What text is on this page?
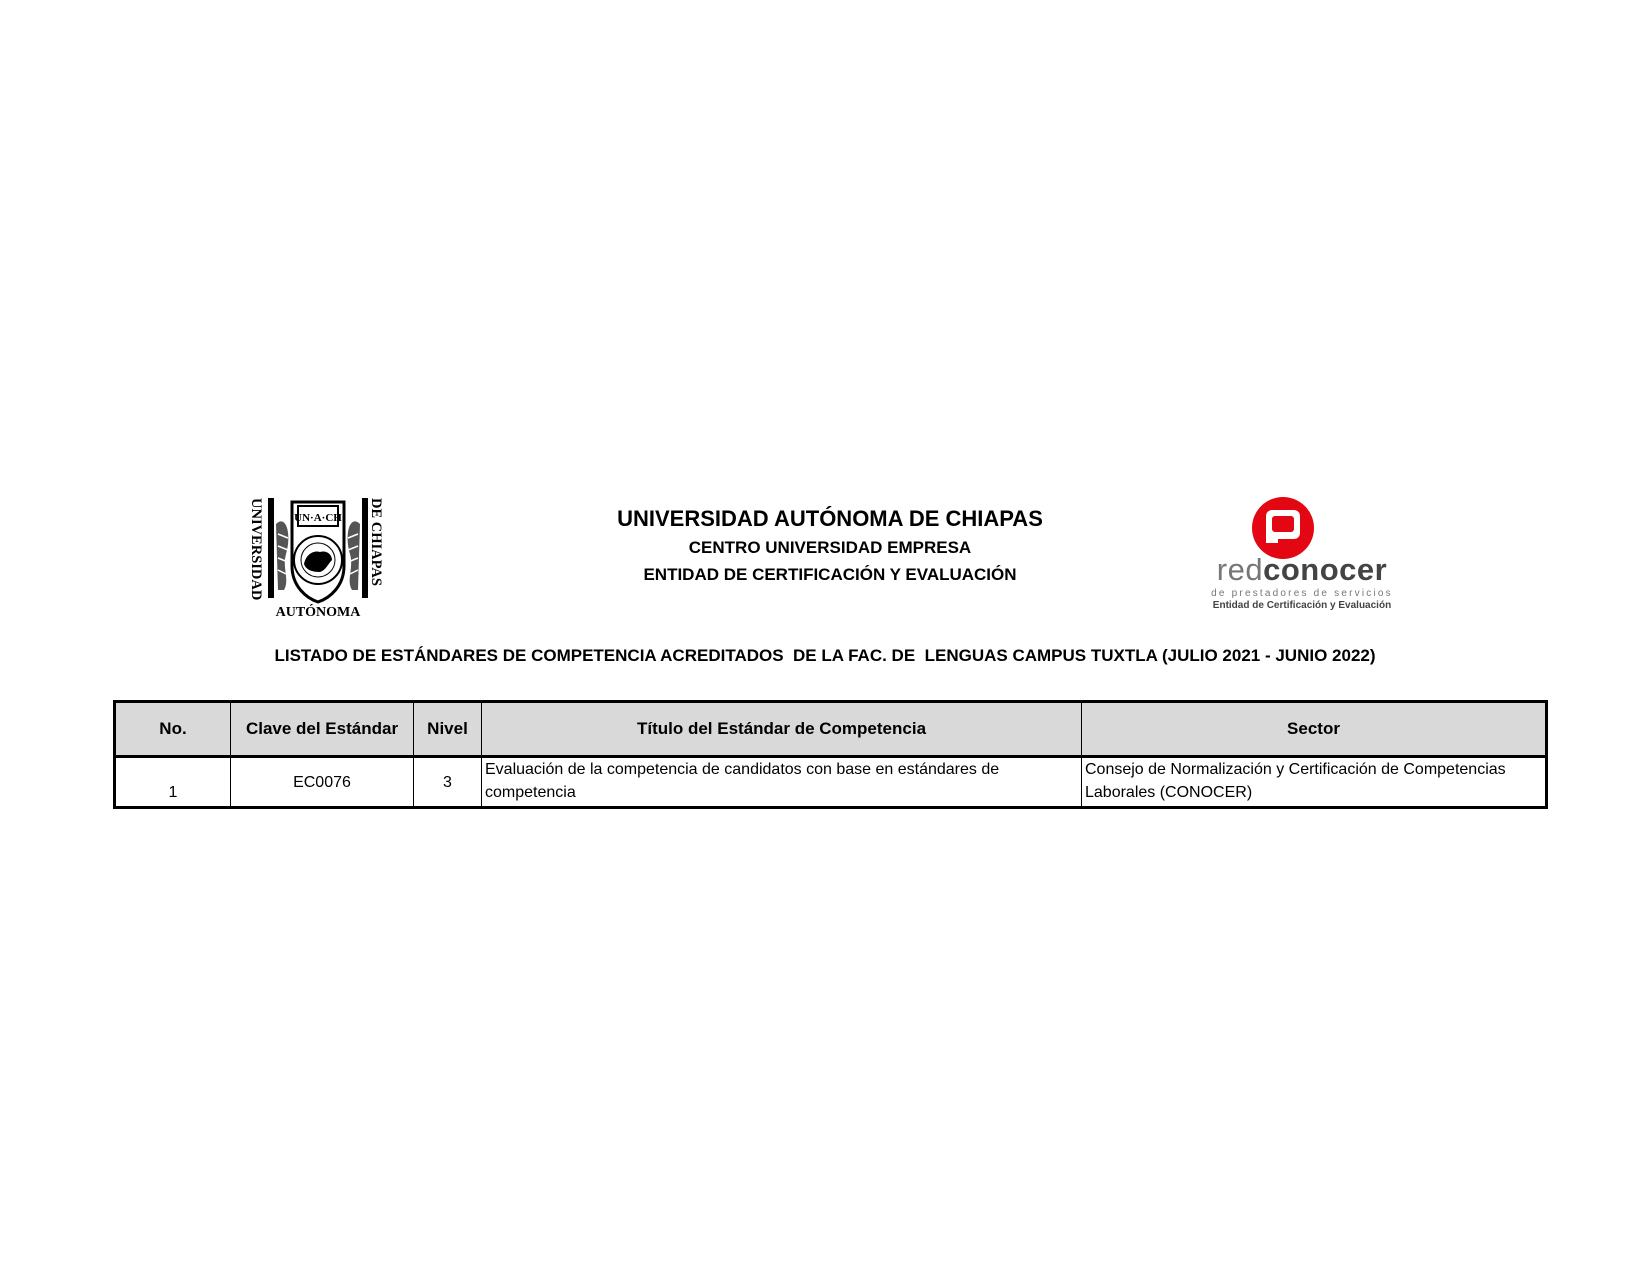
UNIVERSIDAD	DE CHIAPAS
UN·A·CH
AUTÓNOMA
UNIVERSIDAD AUTÓNOMA DE CHIAPAS
CENTRO UNIVERSIDAD EMPRESA
ENTIDAD DE CERTIFICACIÓN Y EVALUACIÓN	redconocer
de prestadores de servicios
Entidad de Certificación y Evaluación
LISTADO DE ESTÁNDARES DE COMPETENCIA ACREDITADOS  DE LA FAC. DE  LENGUAS CAMPUS TUXTLA (JULIO 2021 - JUNIO 2022)
No.	Clave del Estándar	Nivel	Título del Estándar de Competencia	Sector
1	EC0076	3	Evaluación de la competencia de candidatos con base en estándares de competencia	Consejo de Normalización y Certificación de Competencias Laborales (CONOCER)
